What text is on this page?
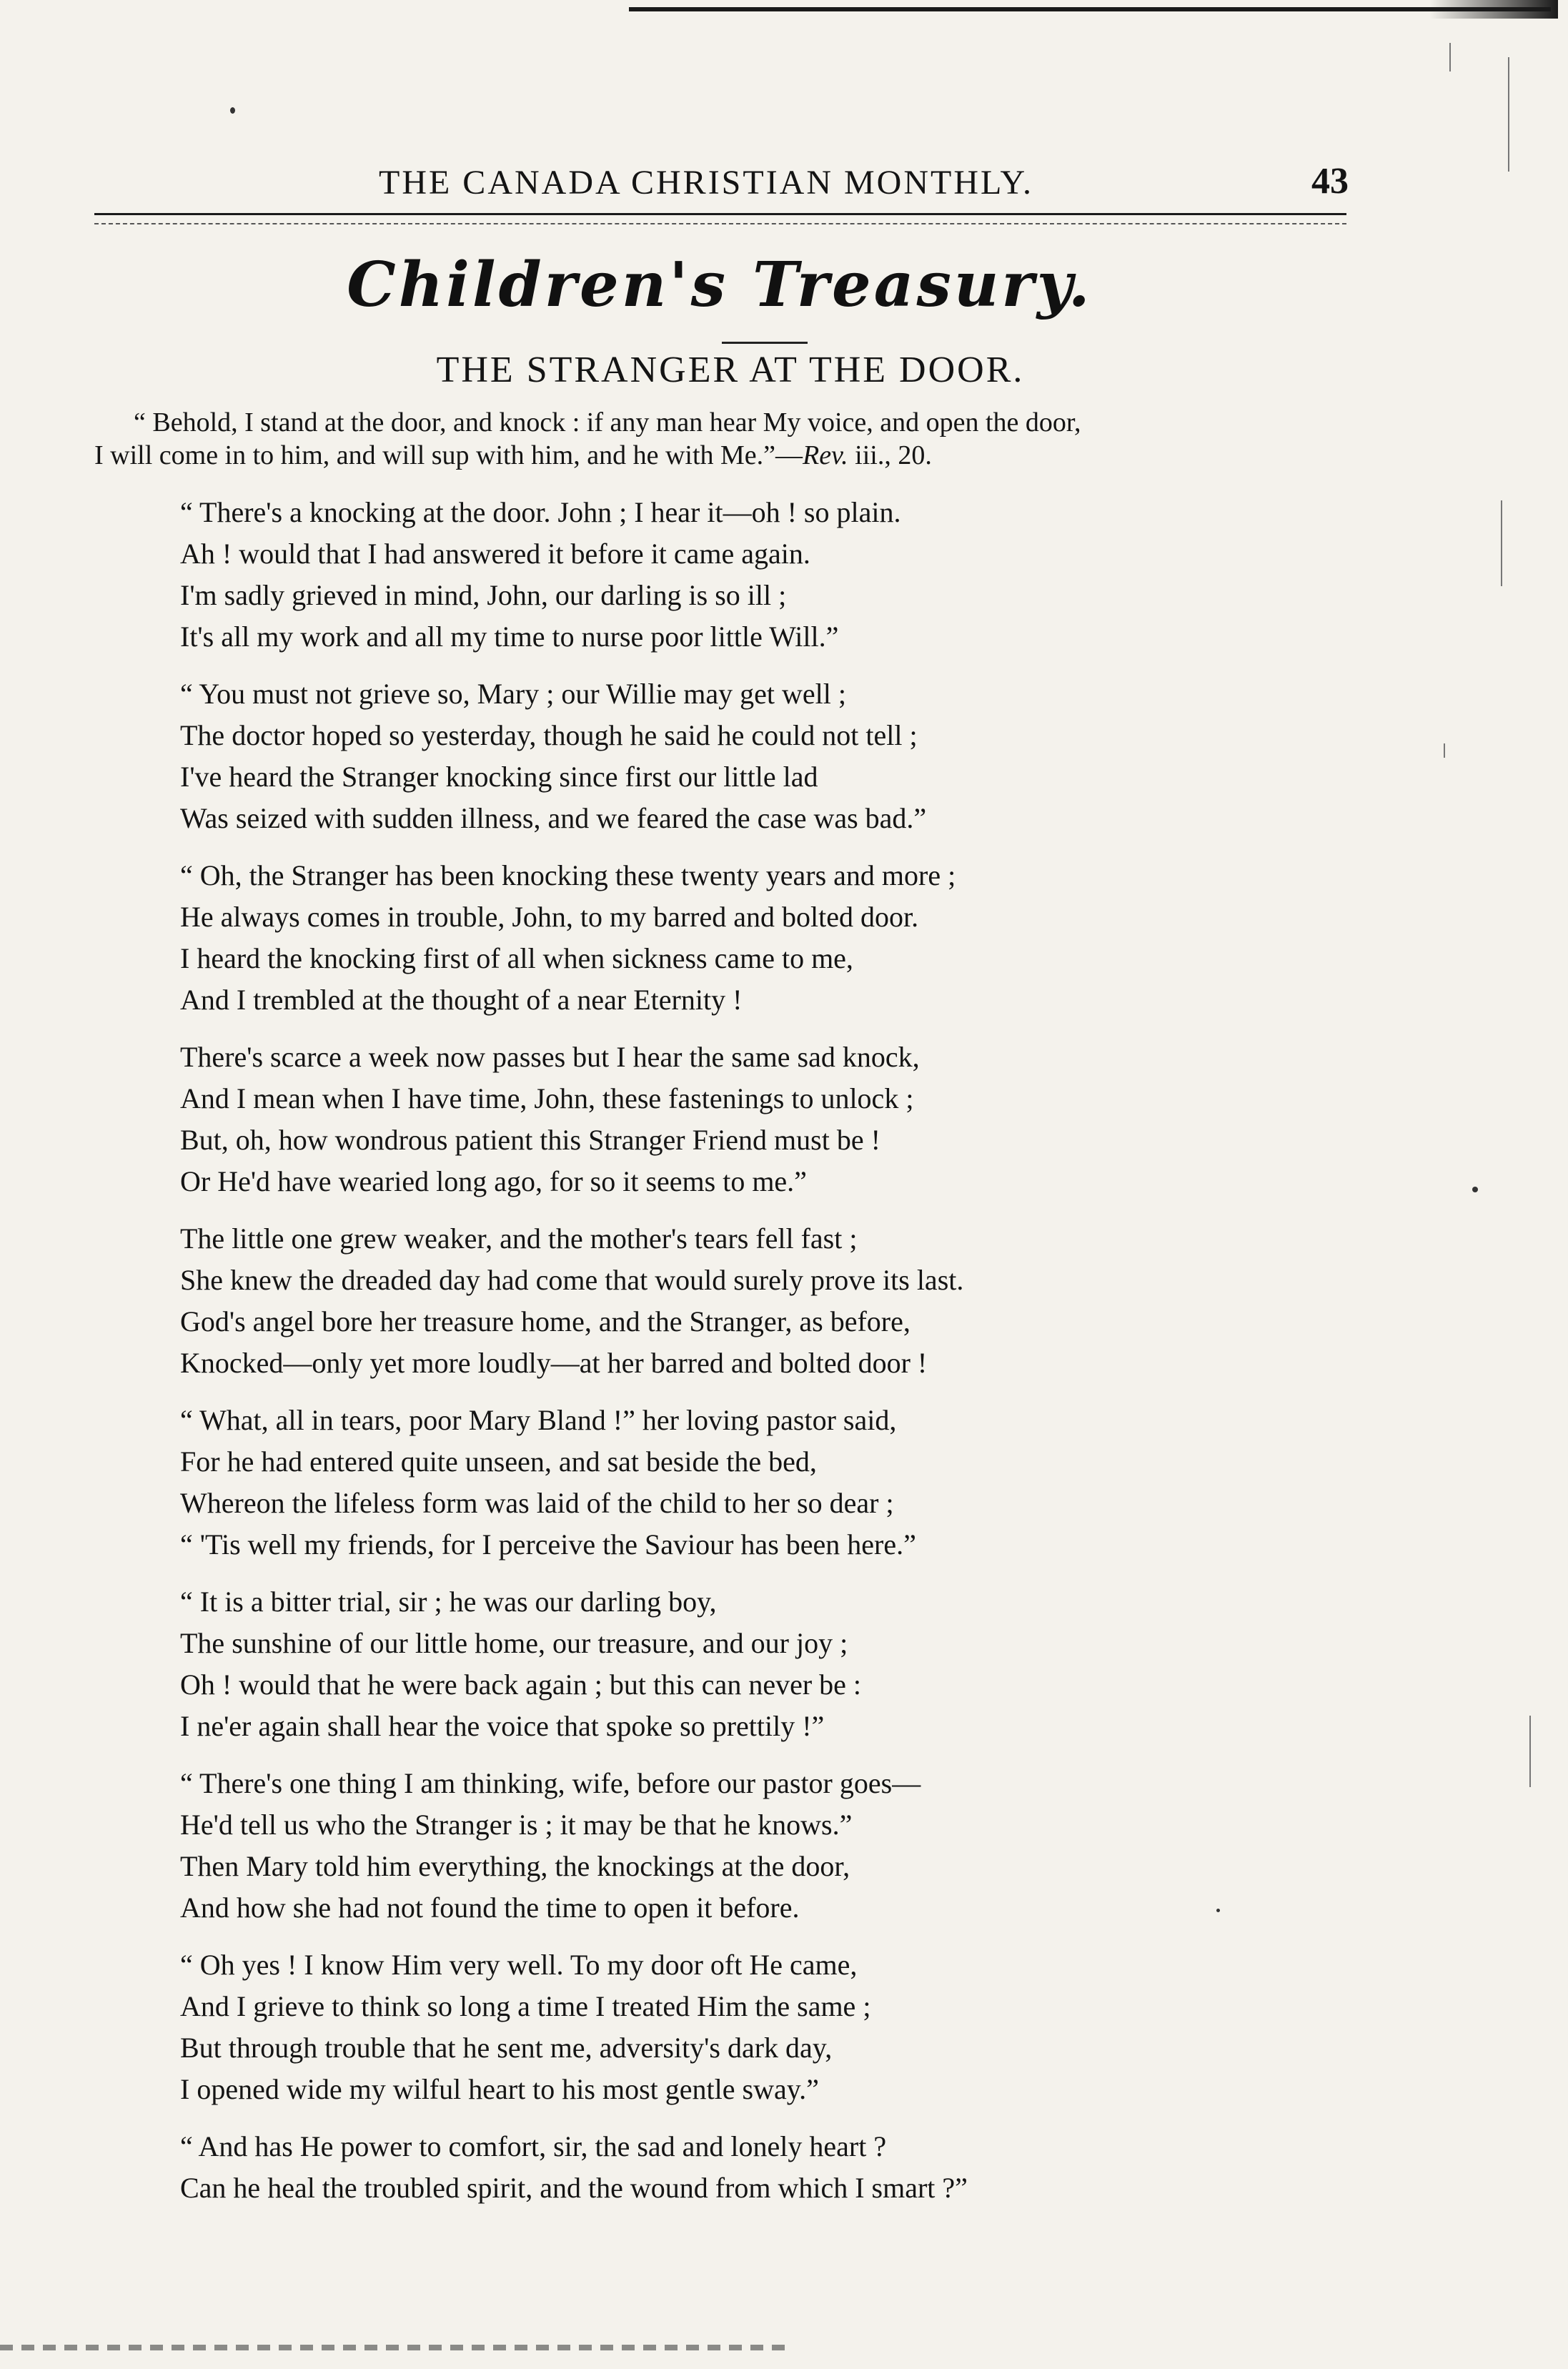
THE CANADA CHRISTIAN MONTHLY.	43
Children's Treasury.
THE STRANGER AT THE DOOR.
“ Behold, I stand at the door, and knock : if any man hear My voice, and open the door,
I will come in to him, and will sup with him, and he with Me.”—Rev. iii., 20.
“ There's a knocking at the door. John ; I hear it—oh ! so plain.
Ah ! would that I had answered it before it came again.
I'm sadly grieved in mind, John, our darling is so ill ;
It's all my work and all my time to nurse poor little Will.”
“ You must not grieve so, Mary ; our Willie may get well ;
The doctor hoped so yesterday, though he said he could not tell ;
I've heard the Stranger knocking since first our little lad
Was seized with sudden illness, and we feared the case was bad.”
“ Oh, the Stranger has been knocking these twenty years and more ;
He always comes in trouble, John, to my barred and bolted door.
I heard the knocking first of all when sickness came to me,
And I trembled at the thought of a near Eternity !
There's scarce a week now passes but I hear the same sad knock,
And I mean when I have time, John, these fastenings to unlock ;
But, oh, how wondrous patient this Stranger Friend must be !
Or He'd have wearied long ago, for so it seems to me.”
The little one grew weaker, and the mother's tears fell fast ;
She knew the dreaded day had come that would surely prove its last.
God's angel bore her treasure home, and the Stranger, as before,
Knocked—only yet more loudly—at her barred and bolted door !
“ What, all in tears, poor Mary Bland !” her loving pastor said,
For he had entered quite unseen, and sat beside the bed,
Whereon the lifeless form was laid of the child to her so dear ;
“ 'Tis well my friends, for I perceive the Saviour has been here.”
“ It is a bitter trial, sir ; he was our darling boy,
The sunshine of our little home, our treasure, and our joy ;
Oh ! would that he were back again ; but this can never be :
I ne'er again shall hear the voice that spoke so prettily !”
“ There's one thing I am thinking, wife, before our pastor goes—
He'd tell us who the Stranger is ; it may be that he knows.”
Then Mary told him everything, the knockings at the door,
And how she had not found the time to open it before.
“ Oh yes ! I know Him very well. To my door oft He came,
And I grieve to think so long a time I treated Him the same ;
But through trouble that he sent me, adversity's dark day,
I opened wide my wilful heart to his most gentle sway.”
“ And has He power to comfort, sir, the sad and lonely heart ?
Can he heal the troubled spirit, and the wound from which I smart ?”
